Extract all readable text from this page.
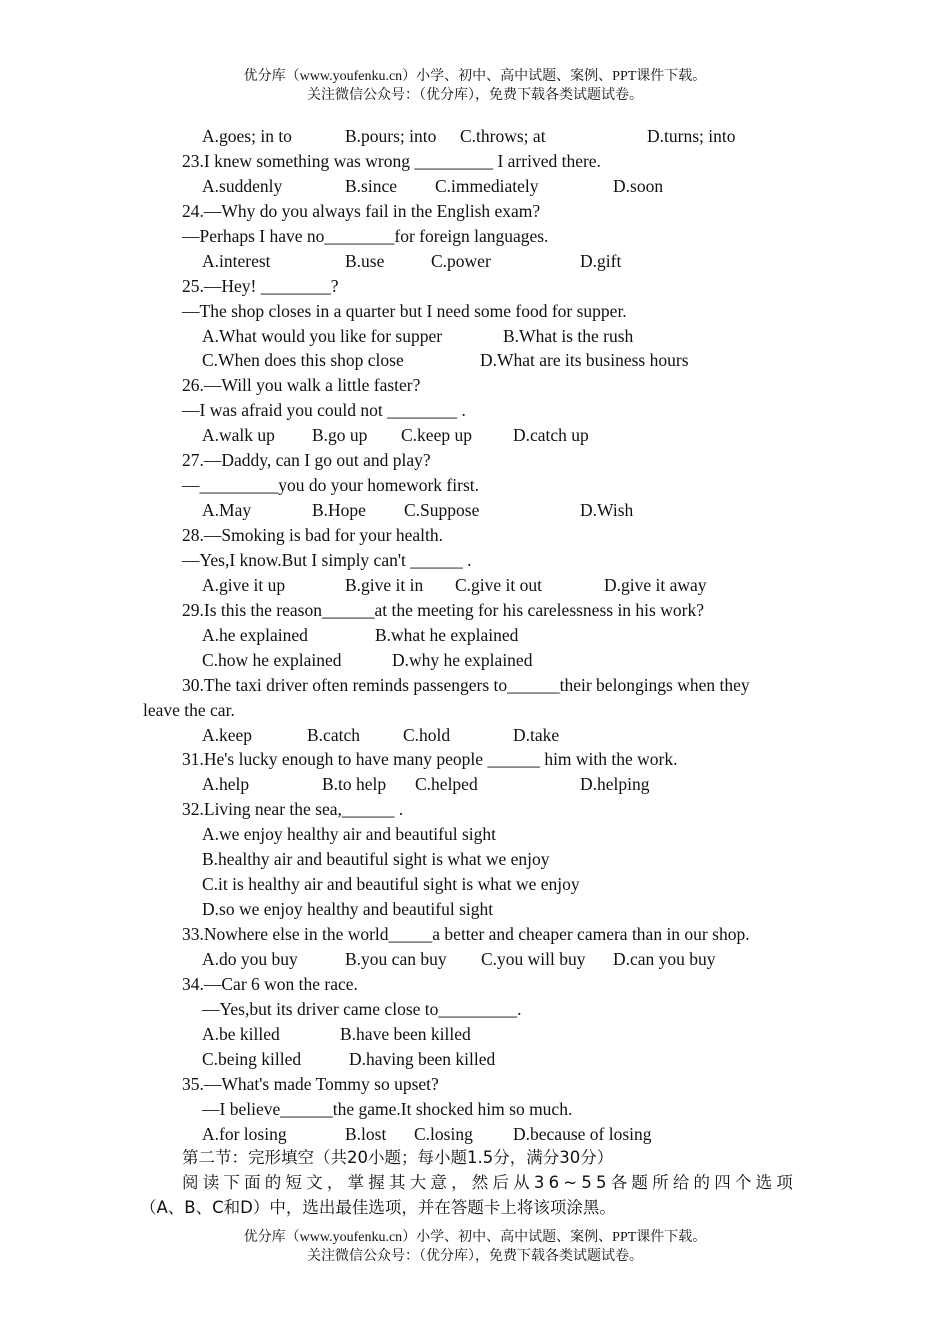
优分库（www.youfenku.cn）小学、初中、高中试题、案例、PPT课件下载。
关注微信公众号：（优分库），免费下载各类试题试卷。
A.goes; in to	B.pours; into C.throws; at	D.turns; into
23.I knew something was wrong _________ I arrived there.
A.suddenly	B.since C.immediately	D.soon
24.—Why do you always fail in the English exam?
—Perhaps I have no________for foreign languages.
A.interest	B.use	C.power	D.gift
25.—Hey! ________?
—The shop closes in a quarter but I need some food for supper.
A.What would you like for supper	B.What is the rush
C.When does this shop close	D.What are its business hours
26.—Will you walk a little faster?
—I was afraid you could not ________ .
A.walk up B.go up C.keep up D.catch up
27.—Daddy, can I go out and play?
—_________you do your homework first.
A.May	B.Hope C.Suppose	D.Wish
28.—Smoking is bad for your health.
—Yes,I know.But I simply can't ______ .
A.give it up	B.give it in C.give it out	D.give it away
29.Is this the reason______at the meeting for his carelessness in his work?
A.he explained	B.what he explained
C.how he explained	D.why he explained
30.The taxi driver often reminds passengers to______their belongings when they
leave the car.
A.keep	B.catch C.hold	D.take
31.He's lucky enough to have many people ______ him with the work.
A.help	B.to help C.helped	D.helping
32.Living near the sea,______ .
A.we enjoy healthy air and beautiful sight
B.healthy air and beautiful sight is what we enjoy
C.it is healthy air and beautiful sight is what we enjoy
D.so we enjoy healthy and beautiful sight
33.Nowhere else in the world_____a better and cheaper camera than in our shop.
A.do you buy	B.you can buy C.you will buy D.can you buy
34.—Car 6 won the race.
—Yes,but its driver came close to_________.
A.be killed	B.have been killed
C.being killed	D.having been killed
35.—What's made Tommy so upset?
—I believe______the game.It shocked him so much.
A.for losing	B.lost C.losing D.because of losing
第二节：完形填空（共20小题；每小题1.5分，满分30分）
阅读下面的短文，掌握其大意，然后从36~55各题所给的四个选项
（A、B、C和D）中，选出最佳选项，并在答题卡上将该项涂黑。
优分库（www.youfenku.cn）小学、初中、高中试题、案例、PPT课件下载。
关注微信公众号：（优分库），免费下载各类试题试卷。
